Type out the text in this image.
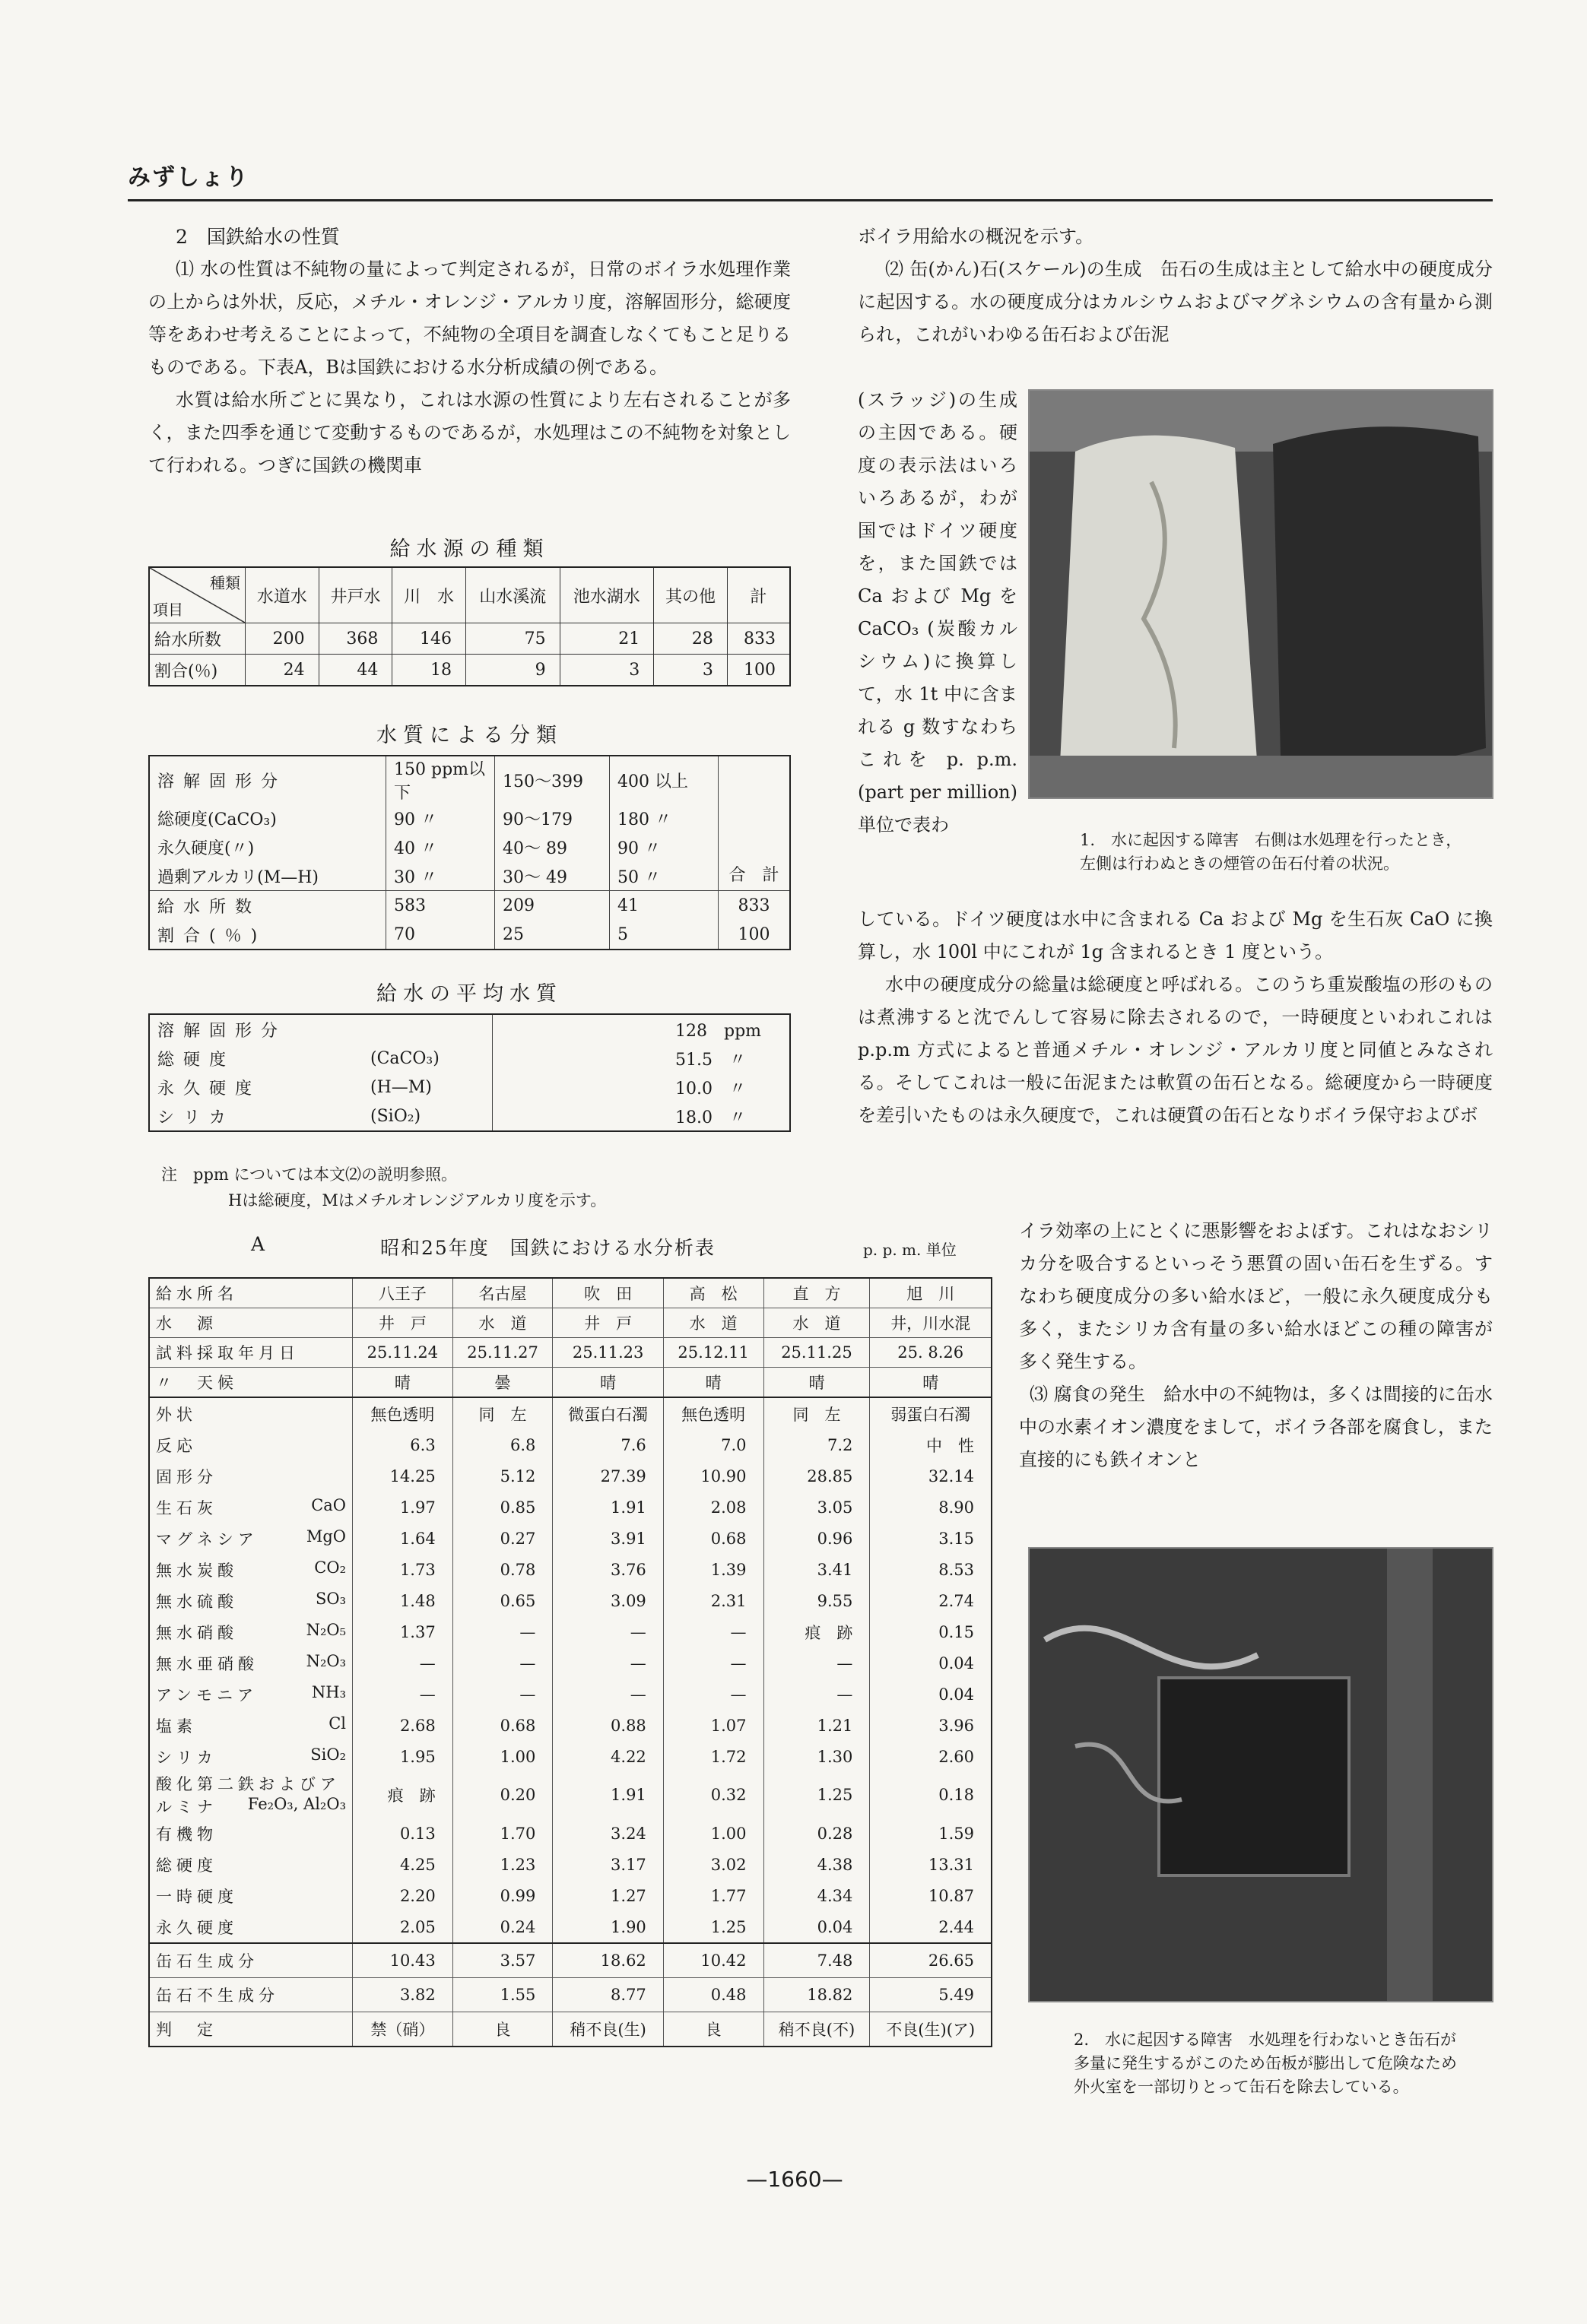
みずしょり
2　国鉄給水の性質

⑴ 水の性質は不純物の量によって判定されるが，日常のボイラ水処理作業の上からは外状，反応，メチル・オレンジ・アルカリ度，溶解固形分，総硬度等をあわせ考えることによって，不純物の全項目を調査しなくてもこと足りるものである。下表A，Bは国鉄における水分析成績の例である。

水質は給水所ごとに異なり，これは水源の性質により左右されることが多く，また四季を通じて変動するものであるが，水処理はこの不純物を対象として行われる。つぎに国鉄の機関車

給水源の種類
種類
項目	水道水	井戸水	川　水	山水溪流	池水湖水	其の他	計
給水所数	200	368	146	75	21	28	833
割合(％)	24	44	18	9	3	3	100
水質による分類
溶解固形分	150 ppm以下	150～399	400 以上	合　計
総硬度(CaCO₃)	90 〃	90～179	180 〃	
永久硬度(〃)	40 〃	40～ 89	90 〃	
過剰アルカリ(M—H)	30 〃	30～ 49	50 〃	
給水所数	583	209	41	833
割合(％)	70	25	5	100
給水の平均水質
溶解固形分		128　ppm
総硬度	(CaCO₃)	51.5　〃
永久硬度	(H—M)	10.0　〃
シリカ	(SiO₂)	18.0　〃
注　ppm については本文⑵の説明参照。
Hは総硬度，Mはメチルオレンジアルカリ度を示す。
A	昭和25年度　国鉄における水分析表	p. p. m. 単位
給水所名	八王子	名古屋	吹　田	高　松	直　方	旭　川
水　源	井　戸	水　道	井　戸	水　道	水　道	井，川水混
試料採取年月日	25.11.24	25.11.27	25.11.23	25.12.11	25.11.25	25. 8.26
〃　天候	晴	曇	晴	晴	晴	晴
外状	無色透明	同　左	微蛋白石濁	無色透明	同　左	弱蛋白石濁
反応	6.3	6.8	7.6	7.0	7.2	中　性
固形分	14.25	5.12	27.39	10.90	28.85	32.14
生石灰 CaO	1.97	0.85	1.91	2.08	3.05	8.90
マグネシア MgO	1.64	0.27	3.91	0.68	0.96	3.15
無水炭酸 CO₂	1.73	0.78	3.76	1.39	3.41	8.53
無水硫酸 SO₃	1.48	0.65	3.09	2.31	9.55	2.74
無水硝酸 N₂O₅	1.37	—	—	—	痕　跡	0.15
無水亜硝酸 N₂O₃	—	—	—	—	—	0.04
アンモニア NH₃	—	—	—	—	—	0.04
塩素 Cl	2.68	0.68	0.88	1.07	1.21	3.96
シリカ SiO₂	1.95	1.00	4.22	1.72	1.30	2.60
酸化第二鉄およびアルミナ Fe₂O₃, Al₂O₃	痕　跡	0.20	1.91	0.32	1.25	0.18
有機物	0.13	1.70	3.24	1.00	0.28	1.59
総硬度	4.25	1.23	3.17	3.02	4.38	13.31
一時硬度	2.20	0.99	1.27	1.77	4.34	10.87
永久硬度	2.05	0.24	1.90	1.25	0.04	2.44
缶石生成分	10.43	3.57	18.62	10.42	7.48	26.65
缶石不生成分	3.82	1.55	8.77	0.48	18.82	5.49
判　定	禁（硝）	良	稍不良(生)	良	稍不良(不)	不良(生)(ア)

ボイラ用給水の概況を示す。

⑵ 缶(かん)石(スケール)の生成　缶石の生成は主として給水中の硬度成分に起因する。水の硬度成分はカルシウムおよびマグネシウムの含有量から測られ，これがいわゆる缶石および缶泥

(スラッジ)の生成の主因である。硬度の表示法はいろいろあるが，わが国ではドイツ硬度を，また国鉄では Ca および Mg を CaCO₃ (炭酸カルシウム)に換算して，水 1t 中に含まれる g 数すなわちこれを p. p.m. (part per million)単位で表わ

1.　水に起因する障害　右側は水処理を行ったとき，左側は行わぬときの煙管の缶石付着の状況。

している。ドイツ硬度は水中に含まれる Ca および Mg を生石灰 CaO に換算し，水 100l 中にこれが 1g 含まれるとき 1 度という。

水中の硬度成分の総量は総硬度と呼ばれる。このうち重炭酸塩の形のものは煮沸すると沈でんして容易に除去されるので，一時硬度といわれこれは p.p.m 方式によると普通メチル・オレンジ・アルカリ度と同値とみなされる。そしてこれは一般に缶泥または軟質の缶石となる。総硬度から一時硬度を差引いたものは永久硬度で，これは硬質の缶石となりボイラ保守およびボ

イラ効率の上にとくに悪影響をおよぼす。これはなおシリカ分を吸合するといっそう悪質の固い缶石を生ずる。すなわち硬度成分の多い給水ほど，一般に永久硬度成分も多く，またシリカ含有量の多い給水ほどこの種の障害が多く発生する。

⑶ 腐食の発生　給水中の不純物は，多くは間接的に缶水中の水素イオン濃度をまして，ボイラ各部を腐食し，また直接的にも鉄イオンと

2.　水に起因する障害　水処理を行わないとき缶石が多量に発生するがこのため缶板が膨出して危険なため外火室を一部切りとって缶石を除去している。
—1660—
